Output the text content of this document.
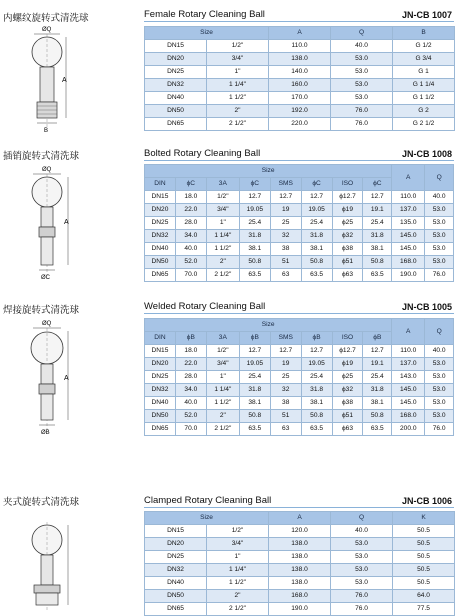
内螺纹旋转式清洗球
ØQ
A
B
Female Rotary Cleaning Ball	JN-CB 1007
Size		A	Q	B
DN15	1/2"	110.0	40.0	G 1/2
DN20	3/4"	138.0	53.0	G 3/4
DN25	1"	140.0	53.0	G 1
DN32	1 1/4"	160.0	53.0	G 1 1/4
DN40	1 1/2"	170.0	53.0	G 1 1/2
DN50	2"	192.0	76.0	G 2
DN65	2 1/2"	220.0	76.0	G 2 1/2
插销旋转式清洗球
ØQ
A
ØC
Bolted Rotary Cleaning Ball	JN-CB 1008
Size								A	Q
DIN	ϕC	3A	ϕC	SMS	ϕC	ISO	ϕC		
DN15	18.0	1/2"	12.7	12.7	12.7	ϕ12.7	12.7	110.0	40.0
DN20	22.0	3/4"	19.05	19	19.05	ϕ19	19.1	137.0	53.0
DN25	28.0	1"	25.4	25	25.4	ϕ25	25.4	135.0	53.0
DN32	34.0	1 1/4"	31.8	32	31.8	ϕ32	31.8	145.0	53.0
DN40	40.0	1 1/2"	38.1	38	38.1	ϕ38	38.1	145.0	53.0
DN50	52.0	2"	50.8	51	50.8	ϕ51	50.8	168.0	53.0
DN65	70.0	2 1/2"	63.5	63	63.5	ϕ63	63.5	190.0	76.0
焊接旋转式清洗球
ØQ
A
ØB
Welded Rotary Cleaning Ball	JN-CB 1005
Size								A	Q
DIN	ϕB	3A	ϕB	SMS	ϕB	ISO	ϕB		
DN15	18.0	1/2"	12.7	12.7	12.7	ϕ12.7	12.7	110.0	40.0
DN20	22.0	3/4"	19.05	19	19.05	ϕ19	19.1	137.0	53.0
DN25	28.0	1"	25.4	25	25.4	ϕ25	25.4	143.0	53.0
DN32	34.0	1 1/4"	31.8	32	31.8	ϕ32	31.8	145.0	53.0
DN40	40.0	1 1/2"	38.1	38	38.1	ϕ38	38.1	145.0	53.0
DN50	52.0	2"	50.8	51	50.8	ϕ51	50.8	168.0	53.0
DN65	70.0	2 1/2"	63.5	63	63.5	ϕ63	63.5	200.0	76.0
夹式旋转式清洗球	Clamped Rotary Cleaning Ball	JN-CB 1006
Size		A	Q	K
DN15	1/2"	120.0	40.0	50.5
DN20	3/4"	138.0	53.0	50.5
DN25	1"	138.0	53.0	50.5
DN32	1 1/4"	138.0	53.0	50.5
DN40	1 1/2"	138.0	53.0	50.5
DN50	2"	168.0	76.0	64.0
DN65	2 1/2"	190.0	76.0	77.5
